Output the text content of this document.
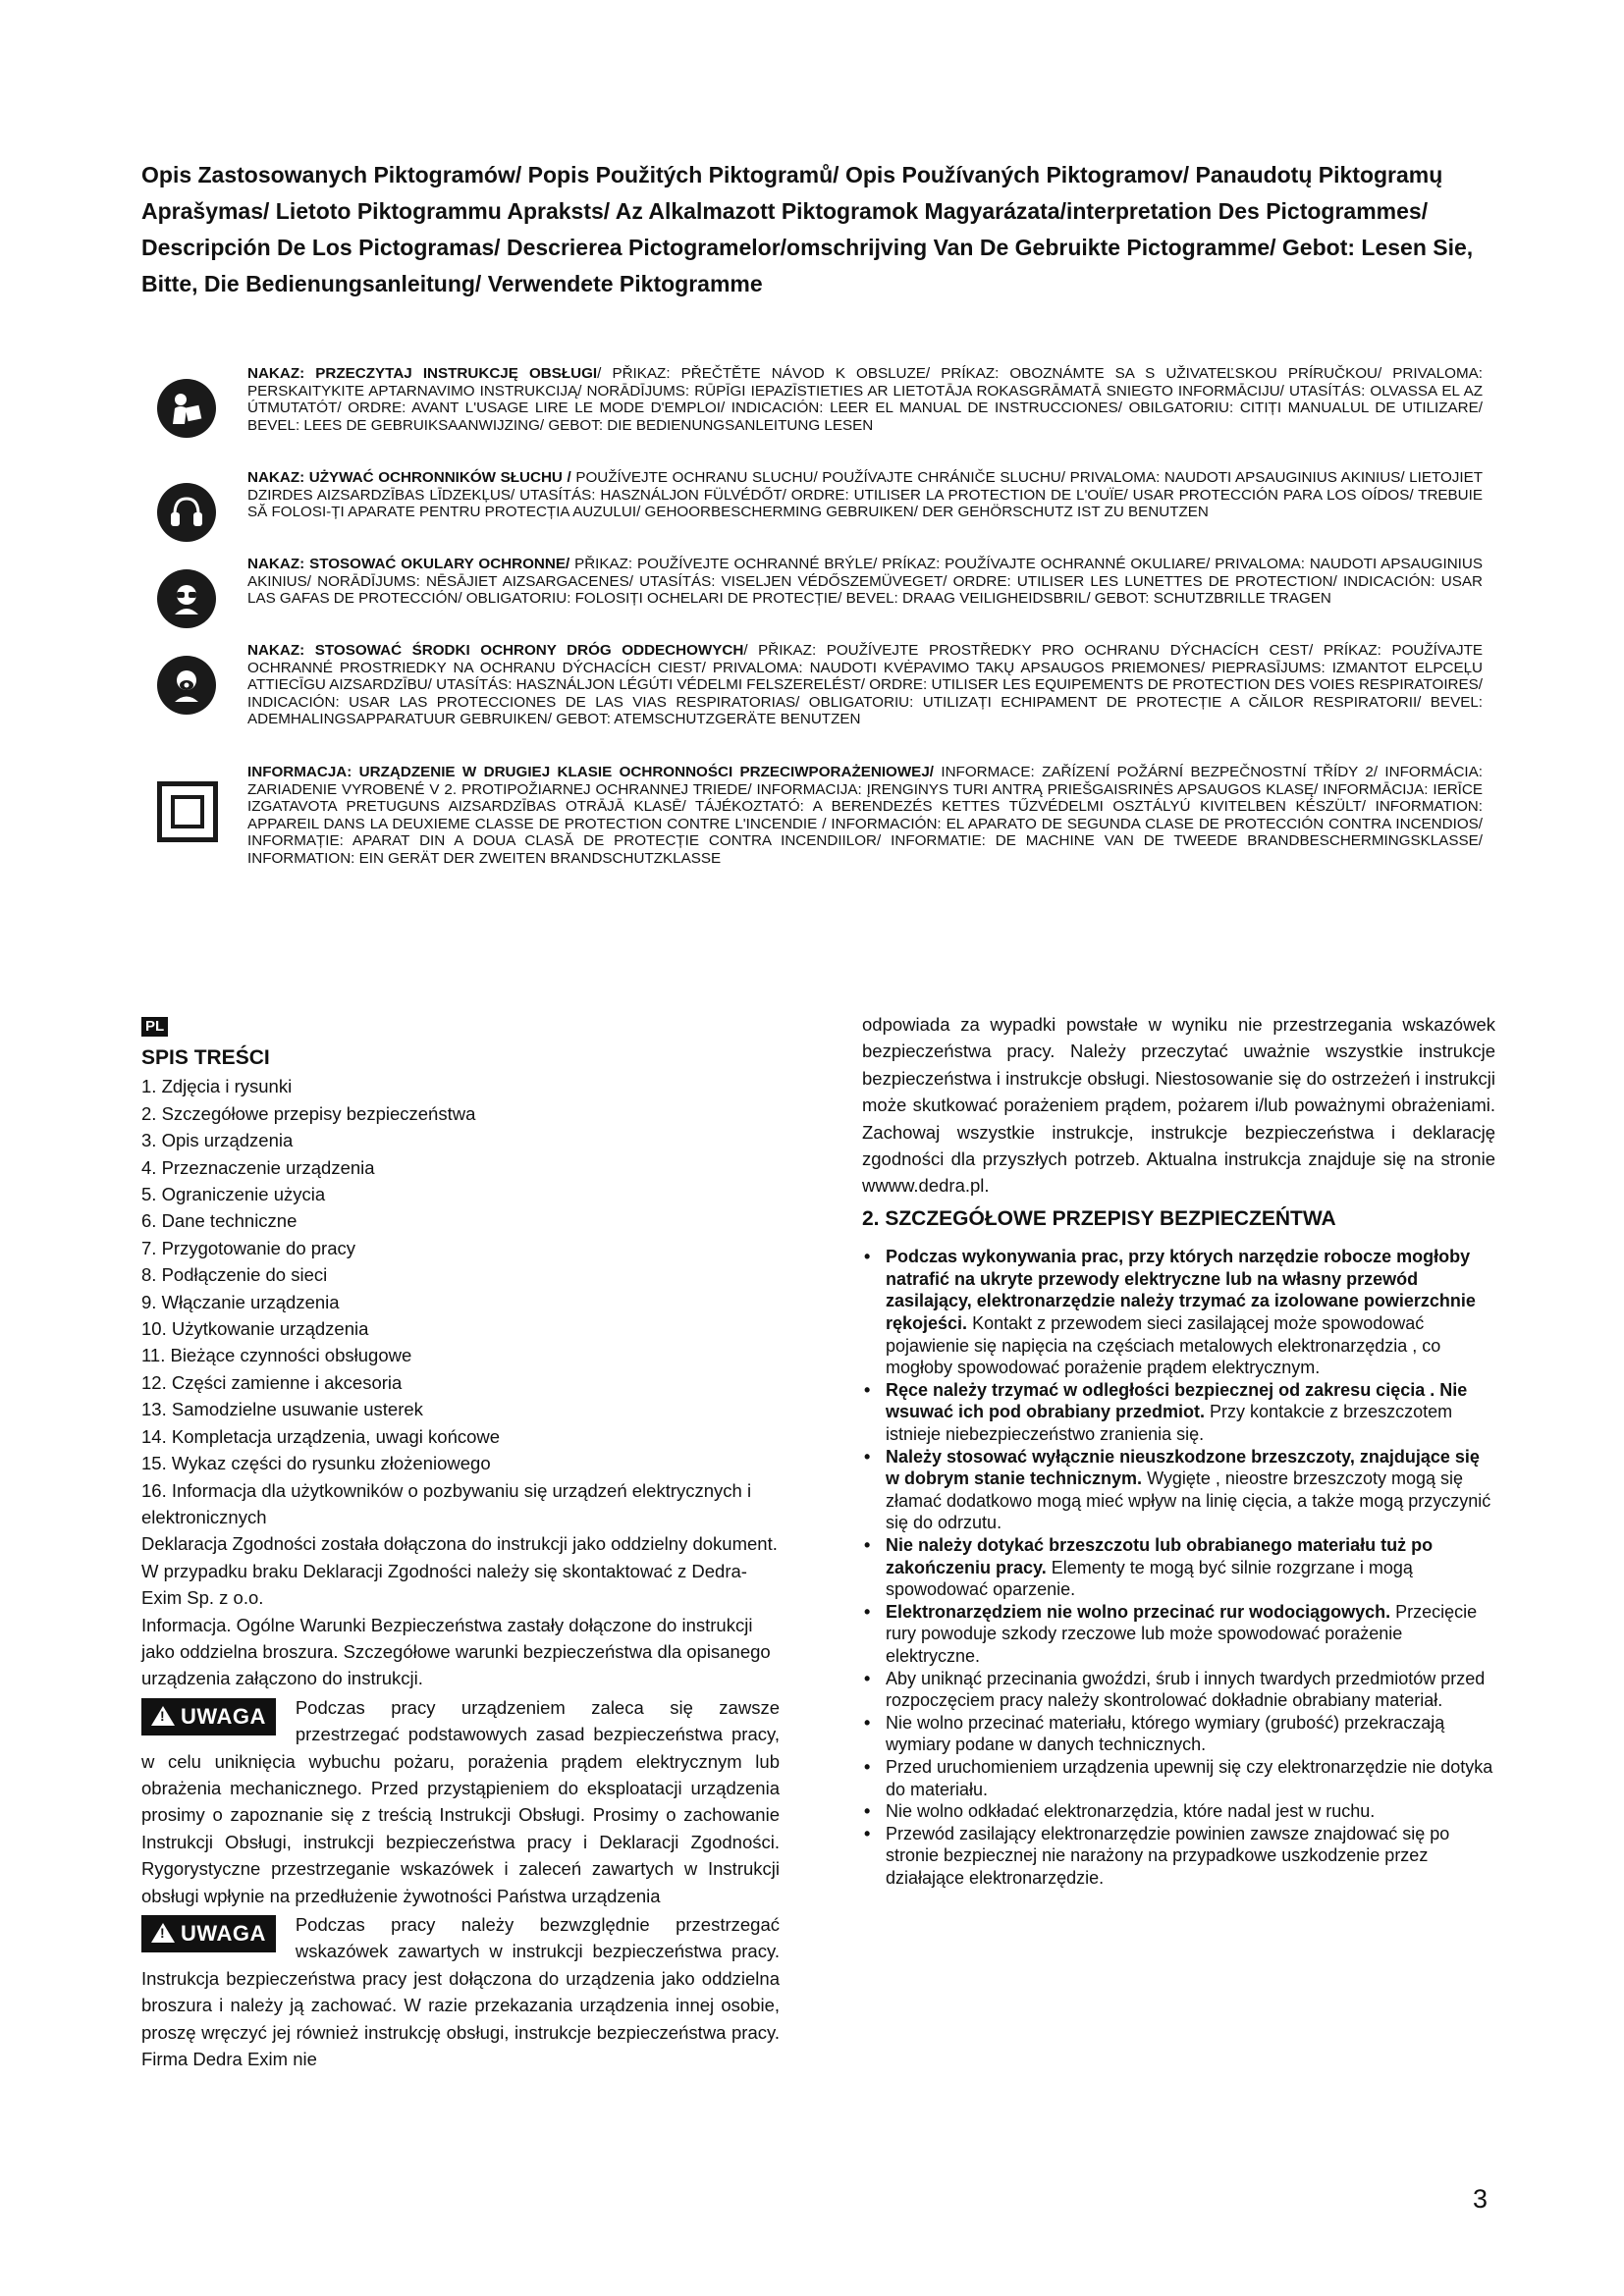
Opis Zastosowanych Piktogramów/ Popis Použitých Piktogramů/ Opis Používaných Piktogramov/ Panaudotų Piktogramų Aprašymas/ Lietoto Piktogrammu Apraksts/ Az Alkalmazott Piktogramok Magyarázata/interpretation Des Pictogrammes/ Descripción De Los Pictogramas/ Descrierea Pictogramelor/omschrijving Van De Gebruikte Pictogramme/ Gebot: Lesen Sie, Bitte, Die Bedienungsanleitung/ Verwendete Piktogramme

NAKAZ: PRZECZYTAJ INSTRUKCJĘ OBSŁUGI/ PŘIKAZ: PŘEČTĚTE NÁVOD K OBSLUZE/ PRÍKAZ: OBOZNÁMTE SA S UŽIVATEĽSKOU PRÍRUČKOU/ PRIVALOMA: PERSKAITYKITE APTARNAVIMO INSTRUKCIJĄ/ NORĀDĪJUMS: RŪPĪGI IEPAZĪSTIETIES AR LIETOTĀJA ROKASGRĀMATĀ SNIEGTO INFORMĀCIJU/ UTASÍTÁS: OLVASSA EL AZ ÚTMUTATÓT/ ORDRE: AVANT L'USAGE LIRE LE MODE D'EMPLOI/ INDICACIÓN: LEER EL MANUAL DE INSTRUCCIONES/ OBILGATORIU: CITIȚI MANUALUL DE UTILIZARE/ BEVEL: LEES DE GEBRUIKSAANWIJZING/ GEBOT: DIE BEDIENUNGSANLEITUNG LESEN

NAKAZ: UŻYWAĆ OCHRONNIKÓW SŁUCHU / POUŽÍVEJTE OCHRANU SLUCHU/ POUŽÍVAJTE CHRÁNIČE SLUCHU/ PRIVALOMA: NAUDOTI APSAUGINIUS AKINIUS/ LIETOJIET DZIRDES AIZSARDZĪBAS LĪDZEKĻUS/ UTASÍTÁS: HASZNÁLJON FÜLVÉDŐT/ ORDRE: UTILISER LA PROTECTION DE L'OUÏE/ USAR PROTECCIÓN PARA LOS OÍDOS/ TREBUIE SĂ FOLOSI-ȚI APARATE PENTRU PROTECȚIA AUZULUI/ GEHOORBESCHERMING GEBRUIKEN/ DER GEHÖRSCHUTZ IST ZU BENUTZEN

NAKAZ: STOSOWAĆ OKULARY OCHRONNE/ PŘIKAZ: POUŽÍVEJTE OCHRANNÉ BRÝLE/ PRÍKAZ: POUŽÍVAJTE OCHRANNÉ OKULIARE/ PRIVALOMA: NAUDOTI APSAUGINIUS AKINIUS/ NORĀDĪJUMS: NĒSĀJIET AIZSARGACENES/ UTASÍTÁS: VISELJEN VÉDŐSZEMÜVEGET/ ORDRE: UTILISER LES LUNETTES DE PROTECTION/ INDICACIÓN: USAR LAS GAFAS DE PROTECCIÓN/ OBLIGATORIU: FOLOSIȚI OCHELARI DE PROTECȚIE/ BEVEL: DRAAG VEILIGHEIDSBRIL/ GEBOT: SCHUTZBRILLE TRAGEN

NAKAZ: STOSOWAĆ ŚRODKI OCHRONY DRÓG ODDECHOWYCH/ PŘIKAZ: POUŽÍVEJTE PROSTŘEDKY PRO OCHRANU DÝCHACÍCH CEST/ PRÍKAZ: POUŽÍVAJTE OCHRANNÉ PROSTRIEDKY NA OCHRANU DÝCHACÍCH CIEST/ PRIVALOMA: NAUDOTI KVĖPAVIMO TAKŲ APSAUGOS PRIEMONES/ PIEPRASĪJUMS: IZMANTOT ELPCEĻU ATTIECĪGU AIZSARDZĪBU/ UTASÍTÁS: HASZNÁLJON LÉGÚTI VÉDELMI FELSZERELÉST/ ORDRE: UTILISER LES EQUIPEMENTS DE PROTECTION DES VOIES RESPIRATOIRES/ INDICACIÓN: USAR LAS PROTECCIONES DE LAS VIAS RESPIRATORIAS/ OBLIGATORIU: UTILIZAȚI ECHIPAMENT DE PROTECȚIE A CĂILOR RESPIRATORII/ BEVEL: ADEMHALINGSAPPARATUUR GEBRUIKEN/ GEBOT: ATEMSCHUTZGERÄTE BENUTZEN

INFORMACJA: URZĄDZENIE W DRUGIEJ KLASIE OCHRONNOŚCI PRZECIWPORAŻENIOWEJ/ INFORMACE: ZAŘÍZENÍ POŽÁRNÍ BEZPEČNOSTNÍ TŘÍDY 2/ INFORMÁCIA: ZARIADENIE VYROBENÉ V 2. PROTIPOŽIARNEJ OCHRANNEJ TRIEDE/ INFORMACIJA: ĮRENGINYS TURI ANTRĄ PRIEŠGAISRINĖS APSAUGOS KLASĘ/ INFORMĀCIJA: IERĪCE IZGATAVOTA PRETUGUNS AIZSARDZĪBAS OTRĀJĀ KLASĒ/ TÁJÉKOZTATÓ: A BERENDEZÉS KETTES TŰZVÉDELMI OSZTÁLYÚ KIVITELBEN KÉSZÜLT/ INFORMATION: APPAREIL DANS LA DEUXIEME CLASSE DE PROTECTION CONTRE L'INCENDIE / INFORMACIÓN: EL APARATO DE SEGUNDA CLASE DE PROTECCIÓN CONTRA INCENDIOS/ INFORMAȚIE: APARAT DIN A DOUA CLASĂ DE PROTECȚIE CONTRA INCENDIILOR/ INFORMATIE: DE MACHINE VAN DE TWEEDE BRANDBESCHERMINGSKLASSE/ INFORMATION: EIN GERÄT DER ZWEITEN BRANDSCHUTZKLASSE

PL
SPIS TREŚCI
1. Zdjęcia i rysunki
2. Szczegółowe przepisy bezpieczeństwa
3. Opis urządzenia
4. Przeznaczenie urządzenia
5. Ograniczenie użycia
6. Dane techniczne
7. Przygotowanie do pracy
8. Podłączenie do sieci
9. Włączanie urządzenia
10. Użytkowanie urządzenia
11. Bieżące czynności obsługowe
12. Części zamienne i akcesoria
13. Samodzielne usuwanie usterek
14. Kompletacja urządzenia, uwagi końcowe
15. Wykaz części do rysunku złożeniowego
16. Informacja dla użytkowników o pozbywaniu się urządzeń elektrycznych i elektronicznych

Deklaracja Zgodności została dołączona do instrukcji jako oddzielny dokument. W przypadku braku Deklaracji Zgodności należy się skontaktować z Dedra-Exim Sp. z o.o.

Informacja. Ogólne Warunki Bezpieczeństwa zastały dołączone do instrukcji jako oddzielna broszura. Szczegółowe warunki bezpieczeństwa dla opisanego urządzenia załączono do instrukcji.

!UWAGA	Podczas pracy urządzeniem zaleca się zawsze przestrzegać podstawowych zasad bezpieczeństwa pracy, w celu uniknięcia wybuchu pożaru, porażenia prądem elektrycznym lub obrażenia mechanicznego. Przed przystąpieniem do eksploatacji urządzenia prosimy o zapoznanie się z treścią Instrukcji Obsługi. Prosimy o zachowanie Instrukcji Obsługi, instrukcji bezpieczeństwa pracy i Deklaracji Zgodności. Rygorystyczne przestrzeganie wskazówek i zaleceń zawartych w Instrukcji obsługi wpłynie na przedłużenie żywotności Państwa urządzenia

!UWAGA	Podczas pracy należy bezwzględnie przestrzegać wskazówek zawartych w instrukcji bezpieczeństwa pracy. Instrukcja bezpieczeństwa pracy jest dołączona do urządzenia jako oddzielna broszura i należy ją zachować. W razie przekazania urządzenia innej osobie, proszę wręczyć jej również instrukcję obsługi, instrukcje bezpieczeństwa pracy. Firma Dedra Exim nie

odpowiada za wypadki powstałe w wyniku nie przestrzegania wskazówek bezpieczeństwa pracy. Należy przeczytać uważnie wszystkie instrukcje bezpieczeństwa i instrukcje obsługi. Niestosowanie się do ostrzeżeń i instrukcji może skutkować porażeniem prądem, pożarem i/lub poważnymi obrażeniami. Zachowaj wszystkie instrukcje, instrukcje bezpieczeństwa i deklarację zgodności dla przyszłych potrzeb. Aktualna instrukcja znajduje się na stronie wwww.dedra.pl.

2. SZCZEGÓŁOWE PRZEPISY BEZPIECZEŃTWA
• Podczas wykonywania prac, przy których narzędzie robocze mogłoby natrafić na ukryte przewody elektryczne lub na własny przewód zasilający, elektronarzędzie należy trzymać za izolowane powierzchnie rękojeści. Kontakt z przewodem sieci zasilającej może spowodować pojawienie się napięcia na częściach metalowych elektronarzędzia , co mogłoby spowodować porażenie prądem elektrycznym.
• Ręce należy trzymać w odległości bezpiecznej od zakresu cięcia . Nie wsuwać ich pod obrabiany przedmiot. Przy kontakcie z brzeszczotem istnieje niebezpieczeństwo zranienia się.
• Należy stosować wyłącznie nieuszkodzone brzeszczoty, znajdujące się w dobrym stanie technicznym. Wygięte , nieostre brzeszczoty mogą się złamać dodatkowo mogą mieć wpływ na linię cięcia, a także mogą przyczynić się do odrzutu.
• Nie należy dotykać brzeszczotu lub obrabianego materiału tuż po zakończeniu pracy. Elementy te mogą być silnie rozgrzane i mogą spowodować oparzenie.
• Elektronarzędziem nie wolno przecinać rur wodociągowych. Przecięcie rury powoduje szkody rzeczowe lub może spowodować porażenie elektryczne.
• Aby uniknąć przecinania gwoździ, śrub i innych twardych przedmiotów przed rozpoczęciem pracy należy skontrolować dokładnie obrabiany materiał.
• Nie wolno przecinać materiału, którego wymiary (grubość) przekraczają wymiary podane w danych technicznych.
• Przed uruchomieniem urządzenia upewnij się czy elektronarzędzie nie dotyka do materiału.
• Nie wolno odkładać elektronarzędzia, które nadal jest w ruchu.
• Przewód zasilający elektronarzędzie powinien zawsze znajdować się po stronie bezpiecznej nie narażony na przypadkowe uszkodzenie przez działające elektronarzędzie.
3
